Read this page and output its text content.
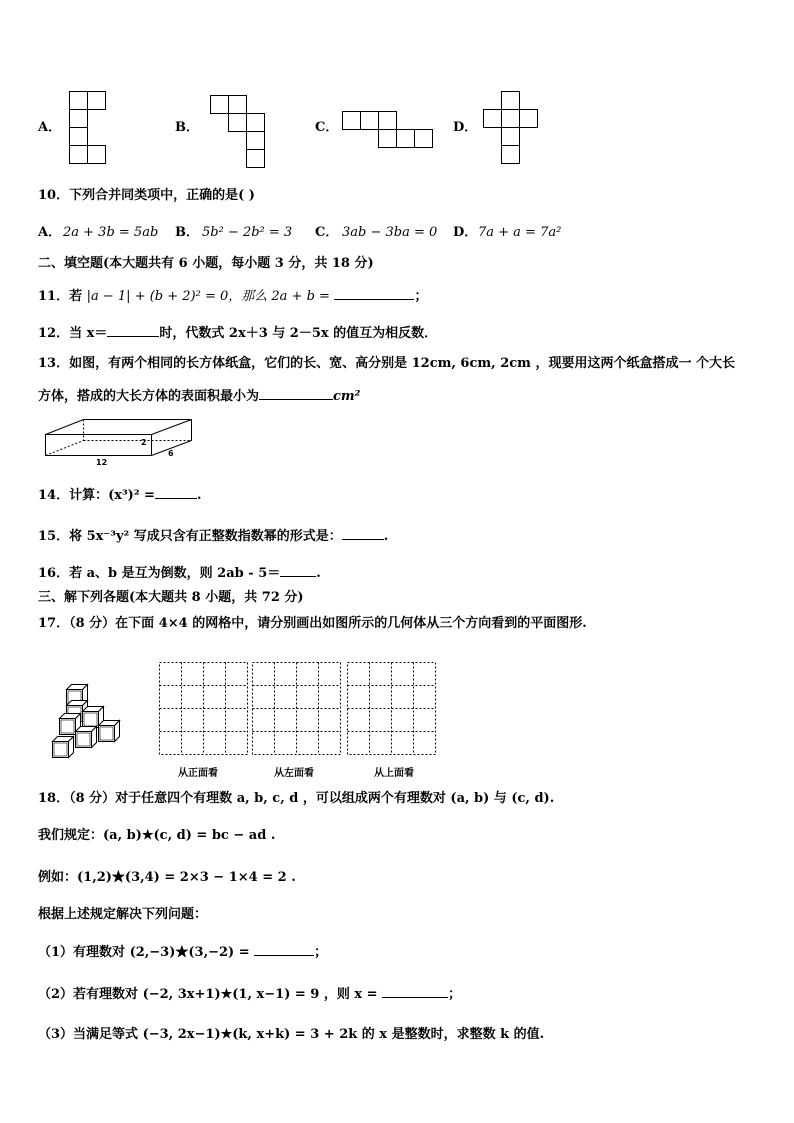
A．	B．	C．	D．
10．下列合并同类项中，正确的是( )
A． 2a + 3b = 5ab B． 5b² − 2b² = 3 C． 3ab − 3ba = 0 D． 7a + a = 7a²
二、填空题(本大题共有 6 小题，每小题 3 分，共 18 分)
11．若 |a − 1| + (b + 2)² = 0，那么 2a + b =	；
12．当 x＝	时，代数式 2x＋3 与 2－5x 的值互为相反数．
13．如图，有两个相同的长方体纸盒，它们的长、宽、高分别是 12cm, 6cm, 2cm ，现要用这两个纸盒搭成一 个大长
方体，搭成的大长方体的表面积最小为	cm²
12
2
6
14．计算：(x³)² =	.
15．将 5x⁻³y² 写成只含有正整数指数幂的形式是：	.
16．若 a、b 是互为倒数，则 2ab - 5＝	.
三、解下列各题(本大题共 8 小题，共 72 分)
17．（8 分）在下面 4×4 的网格中，请分别画出如图所示的几何体从三个方向看到的平面图形.
从正面看	从左面看	从上面看
18．（8 分）对于任意四个有理数 a, b, c, d ，可以组成两个有理数对 (a, b) 与 (c, d).
我们规定：(a, b)★(c, d) = bc − ad .
例如：(1,2)★(3,4) = 2×3 − 1×4 = 2 .
根据上述规定解决下列问题：
（1）有理数对 (2,−3)★(3,−2) =	；
（2）若有理数对 (−2, 3x+1)★(1, x−1) = 9 ，则 x =	；
（3）当满足等式 (−3, 2x−1)★(k, x+k) = 3 + 2k 的 x 是整数时，求整数 k 的值.
